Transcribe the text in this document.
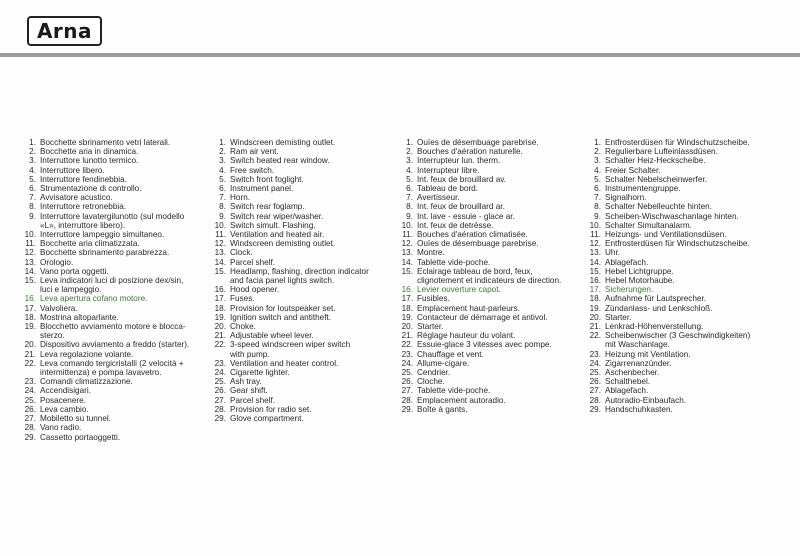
Arna
1. Bocchette sbrinamento vetri laterali.
2. Bocchette aria in dinamica.
3. Interruttore lunotto termico.
4. Interruttore libero.
5. Interruttore fendinebbia.
6. Strumentazione di controllo.
7. Avvisatore acustico.
8. Interruttore retronebbia.
9. Interruttore lavatergilunotto (sul modello
«L», interruttore libero).
10. Interruttore lampeggio simultaneo.
11. Bocchette aria climatizzata.
12. Bocchette sbrinamento parabrezza.
13. Orologio.
14. Vano porta oggetti.
15. Leva indicatori luci di posizione dex/sin,
luci e lampeggio.
16. Leva apertura cofano motore.
17. Valvoliera.
18. Mostrina altoparlante.
19. Blocchetto avviamento motore e blocca-
sterzo.
20. Dispositivo avviamento a freddo (starter).
21. Leva regolazione volante.
22. Leva comando tergicristalli (2 velocità +
intermittenza) e pompa lavavetro.
23. Comandi climatizzazione.
24. Accendisigari.
25. Posacenere.
26. Leva cambio.
27. Mobiletto su tunnel.
28. Vano radio.
29. Cassetto portaoggetti.
1. Windscreen demisting outlet.
2. Ram air vent.
3. Switch heated rear window.
4. Free switch.
5. Switch front foglight.
6. Instrument panel.
7. Horn.
8. Switch rear foglamp.
9. Switch rear wiper/washer.
10. Switch simult. Flashing.
11. Ventilation and heated air.
12. Windscreen demisting outlet.
13. Clock.
14. Parcel shelf.
15. Headlamp, flashing, direction indicator
and facia panel lights switch.
16. Hood opener.
17. Fuses.
18. Provision for loutspeaker set.
19. Ignition switch and antitheft.
20. Choke.
21. Adjustable wheel lever.
22. 3-speed windscreen wiper switch
with pump.
23. Ventilation and heater control.
24. Cigarette lighter.
25. Ash tray.
26. Gear shift.
27. Parcel shelf.
28. Provision for radio set.
29. Glove compartment.
1. Ouïes de désembuage parebrise.
2. Bouches d'aération naturelle.
3. Interrupteur lun. therm.
4. Interrupteur libre.
5. Int. feux de brouillard av.
6. Tableau de bord.
7. Avertisseur.
8. Int. feux de brouillard ar.
9. Int. lave - essuie - glace ar.
10. Int. feux de detrèsse.
11. Bouches d'aération climatisée.
12. Ouïes de désembuage parebrise.
13. Montre.
14. Tablette vide-poche.
15. Eclairage tableau de bord, feux,
clignotement et indicateurs de direction.
16. Levier ouverture capot.
17. Fusibles.
18. Emplacement haut-parleurs.
19. Contacteur de démarrage et antivol.
20. Starter.
21. Réglage hauteur du volant.
22. Essuie-glace 3 vitesses avec pompe.
23. Chauffage et vent.
24. Allume-cigare.
25. Cendrier.
26. Cloche.
27. Tablette vide-poche.
28. Emplacement autoradio.
29. Boîte à gants.
1. Entfrosterdüsen für Windschutzscheibe.
2. Regulierbare Lufteinlassdüsen.
3. Schalter Heiz-Heckscheibe.
4. Freier Schalter.
5. Schalter Nebelscheinwerfer.
6. Instrumentengruppe.
7. Signalhorn.
8. Schalter Nebelleuchte hinten.
9. Scheiben-Wischwaschanlage hinten.
10. Schalter Simultanalarm.
11. Heizungs- und Ventilationsdüsen.
12. Entfrosterdüsen für Windschutzscheibe.
13. Uhr.
14. Ablagefach.
15. Hebel Lichtgruppe.
16. Hebel Motorhaube.
17. Sicherungen.
18. Aufnahme für Lautsprecher.
19. Zündanlass- und Lenkschloß.
20. Starter.
21. Lenkrad-Höhenverstellung.
22. Scheibenwischer (3 Geschwindigkeiten)
mit Waschanlage.
23. Heizung mit Ventilation.
24. Zigarrenanzünder.
25. Aschenbecher.
26. Schalthebel.
27. Ablagefach.
28. Autoradio-Einbaufach.
29. Handschuhkasten.
